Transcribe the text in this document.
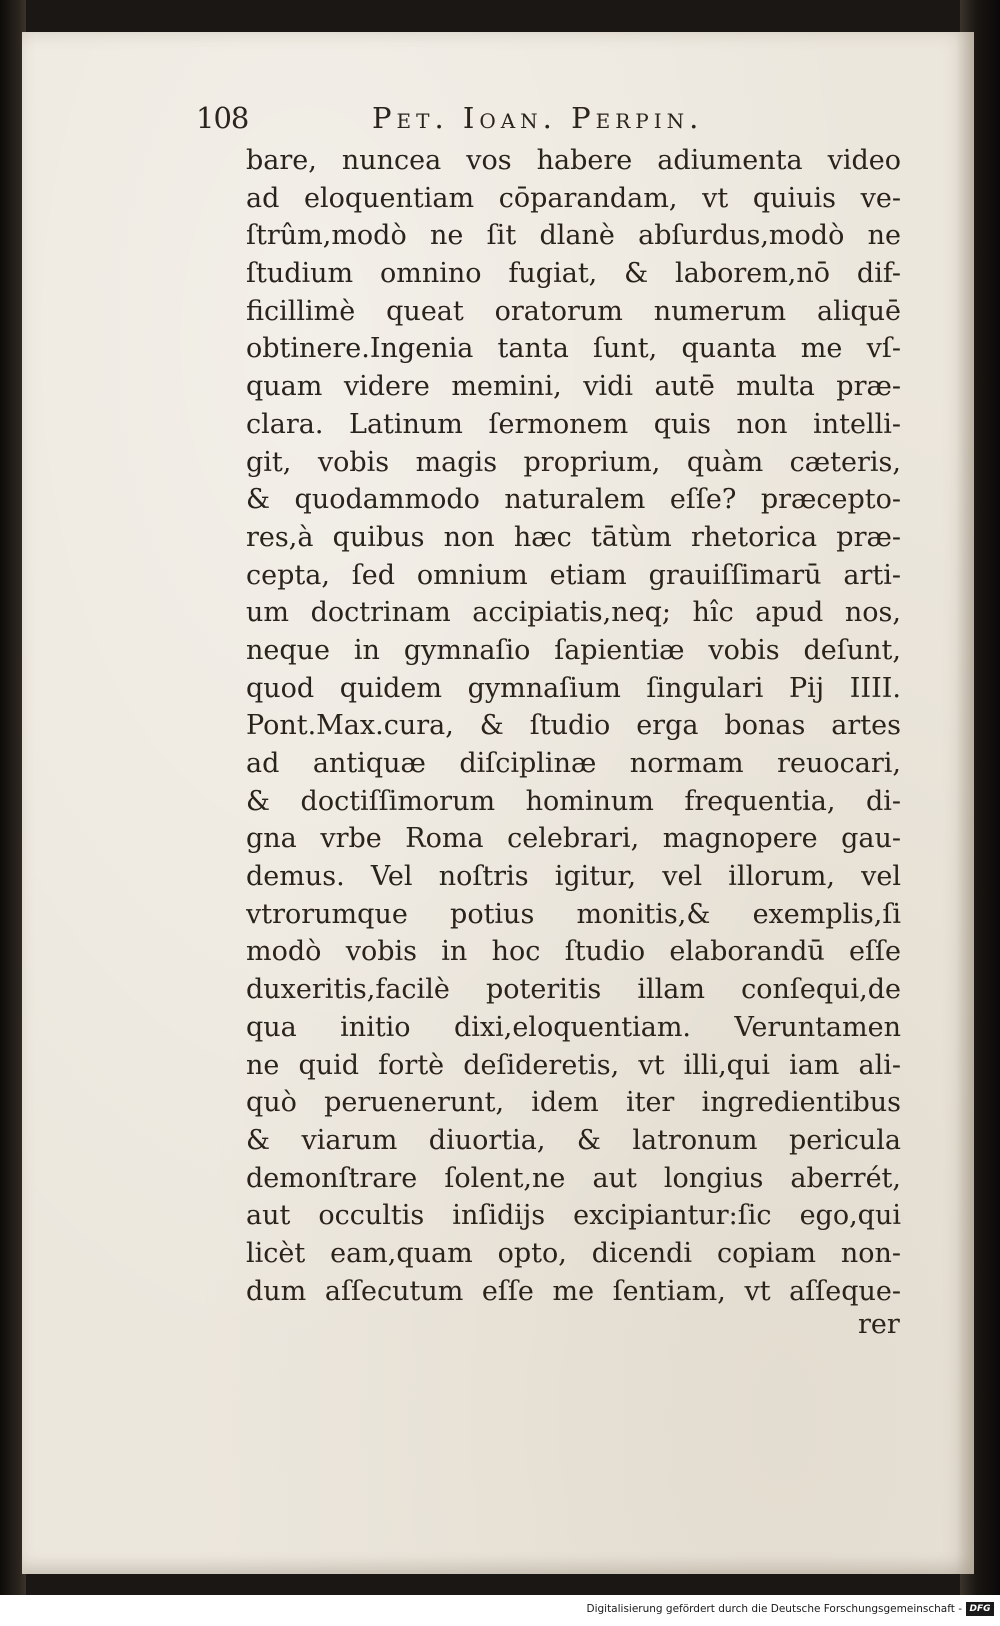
108	Pet. Ioan. Perpin.
bare, nuncea vos habere adiumenta video
ad eloquentiam cōparandam, vt quiuis ve-
ſtrûm,modò ne ſit dlanè abſurdus,modò ne
ſtudium omnino fugiat, & laborem,nō dif-
ficillimè queat oratorum numerum aliquē
obtinere.Ingenia tanta ſunt, quanta me vſ-
quam videre memini, vidi autē multa præ-
clara. Latinum ſermonem quis non intelli-
git, vobis magis proprium, quàm cæteris,
& quodammodo naturalem eſſe? præcepto-
res,à quibus non hæc tātùm rhetorica præ-
cepta, ſed omnium etiam grauiſſimarū arti-
um doctrinam accipiatis,neq; hîc apud nos,
neque in gymnaſio ſapientiæ vobis deſunt,
quod quidem gymnaſium ſingulari Pij IIII.
Pont.Max.cura, & ſtudio erga bonas artes
ad antiquæ diſciplinæ normam reuocari,
& doctiſſimorum hominum frequentia, di-
gna vrbe Roma celebrari, magnopere gau-
demus. Vel noſtris igitur, vel illorum, vel
vtrorumque potius monitis,& exemplis,ſi
modò vobis in hoc ſtudio elaborandū eſſe
duxeritis,facilè poteritis illam conſequi,de
qua initio dixi,eloquentiam. Veruntamen
ne quid fortè deſideretis, vt illi,qui iam ali-
quò peruenerunt, idem iter ingredientibus
& viarum diuortia, & latronum pericula
demonſtrare ſolent,ne aut longius aberrét,
aut occultis inſidijs excipiantur:ſic ego,qui
licèt eam,quam opto, dicendi copiam non-
dum aſſecutum eſſe me ſentiam, vt aſſeque-
rer
Digitalisierung gefördert durch die Deutsche Forschungsgemeinschaft - DFG
